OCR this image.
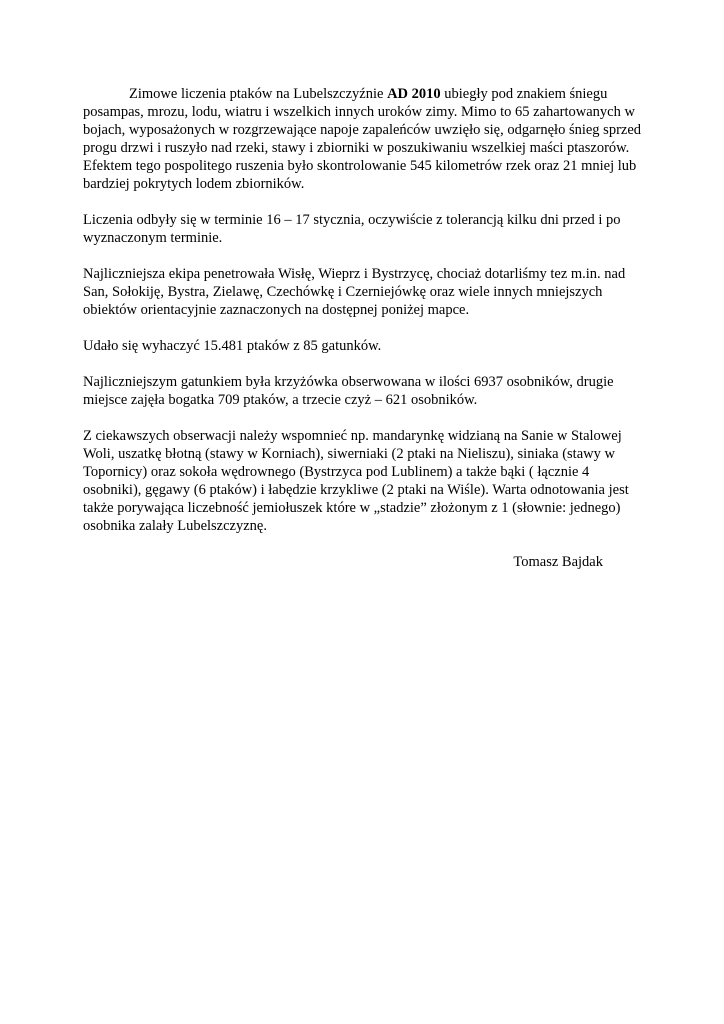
Zimowe liczenia ptaków na Lubelszczyźnie AD 2010 ubiegły pod znakiem śniegu posampas, mrozu, lodu, wiatru i wszelkich innych uroków zimy. Mimo to 65 zahartowanych w bojach, wyposażonych w rozgrzewające napoje zapaleńców uwzięło się, odgarnęło śnieg sprzed progu drzwi i ruszyło nad rzeki, stawy i zbiorniki w poszukiwaniu wszelkiej maści ptaszorów. Efektem tego pospolitego ruszenia było skontrolowanie 545 kilometrów rzek oraz 21 mniej lub bardziej pokrytych lodem zbiorników.

Liczenia odbyły się w terminie 16 – 17 stycznia, oczywiście z tolerancją kilku dni przed i po wyznaczonym terminie.

Najliczniejsza ekipa penetrowała Wisłę, Wieprz i Bystrzycę, chociaż dotarliśmy tez m.in. nad San, Sołokiję, Bystra, Zielawę, Czechówkę i Czerniejówkę oraz wiele innych mniejszych obiektów orientacyjnie zaznaczonych na dostępnej poniżej mapce.

Udało się wyhaczyć 15.481 ptaków z 85 gatunków.

Najliczniejszym gatunkiem była krzyżówka obserwowana w ilości 6937 osobników, drugie miejsce zajęła bogatka 709 ptaków, a trzecie czyż – 621 osobników.

Z ciekawszych obserwacji należy wspomnieć np. mandarynkę widzianą na Sanie w Stalowej Woli, uszatkę błotną (stawy w Korniach), siwerniaki (2 ptaki na Nieliszu), siniaka (stawy w Topornicy) oraz sokoła wędrownego (Bystrzyca pod Lublinem) a także bąki ( łącznie 4 osobniki), gęgawy (6 ptaków) i łabędzie krzykliwe (2 ptaki na Wiśle). Warta odnotowania jest także porywająca liczebność jemiołuszek które w „stadzie” złożonym z 1 (słownie: jednego) osobnika zalały Lubelszczyznę.

Tomasz Bajdak
